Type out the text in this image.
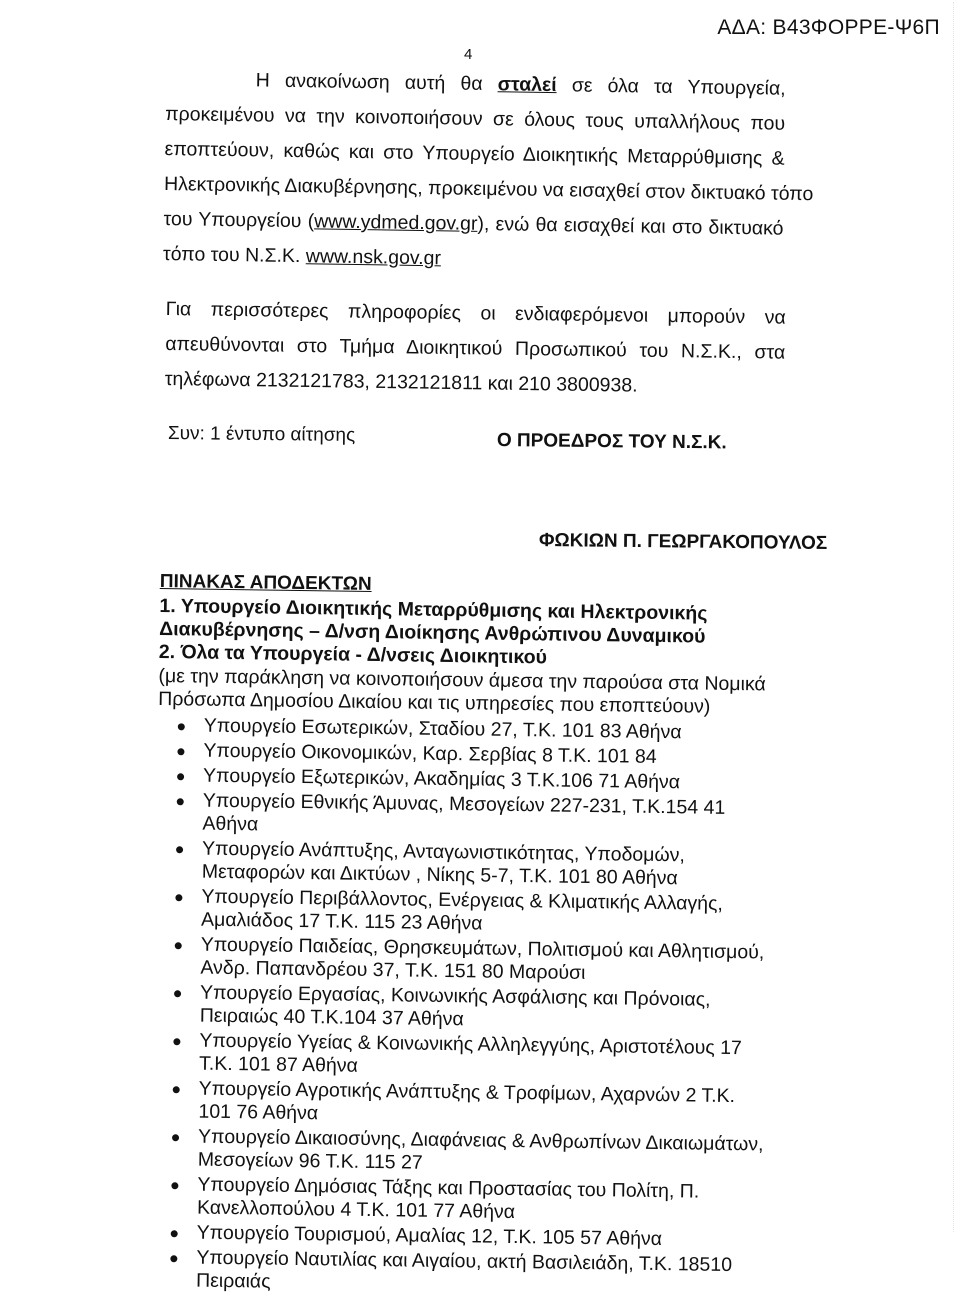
ΑΔΑ: Β43ΦΟΡΡΕ-Ψ6Π
4
Η ανακοίνωση αυτή θα σταλεί σε όλα τα Υπουργεία,
προκειμένου να την κοινοποιήσουν σε όλους τους υπαλλήλους που
εποπτεύουν, καθώς και στο Υπουργείο Διοικητικής Μεταρρύθμισης &
Ηλεκτρονικής Διακυβέρνησης, προκειμένου να εισαχθεί στον δικτυακό τόπο
του Υπουργείου (www.ydmed.gov.gr), ενώ θα εισαχθεί και στο δικτυακό
τόπο του Ν.Σ.Κ. www.nsk.gov.gr
Για περισσότερες πληροφορίες οι ενδιαφερόμενοι μπορούν να
απευθύνονται στο Τμήμα Διοικητικού Προσωπικού του Ν.Σ.Κ., στα
τηλέφωνα 2132121783, 2132121811 και 210 3800938.
Συν: 1 έντυπο αίτησης	Ο ΠΡΟΕΔΡΟΣ ΤΟΥ Ν.Σ.Κ.
ΦΩΚΙΩΝ Π. ΓΕΩΡΓΑΚΟΠΟΥΛΟΣ
ΠΙΝΑΚΑΣ ΑΠΟΔΕΚΤΩΝ
1. Υπουργείο Διοικητικής Μεταρρύθμισης και Ηλεκτρονικής
Διακυβέρνησης – Δ/νση Διοίκησης Ανθρώπινου Δυναμικού
2. Όλα τα Υπουργεία - Δ/νσεις Διοικητικού
(με την παράκληση να κοινοποιήσουν άμεσα την παρούσα στα Νομικά
Πρόσωπα Δημοσίου Δικαίου και τις υπηρεσίες που εποπτεύουν)
Υπουργείο Εσωτερικών, Σταδίου 27, Τ.Κ. 101 83 Αθήνα
Υπουργείο Οικονομικών, Καρ. Σερβίας 8 Τ.Κ. 101 84
Υπουργείο Εξωτερικών, Ακαδημίας 3 Τ.Κ.106 71 Αθήνα
Υπουργείο Εθνικής Άμυνας, Μεσογείων 227-231, Τ.Κ.154 41 Αθήνα
Υπουργείο Ανάπτυξης, Ανταγωνιστικότητας, Υποδομών, Μεταφορών και Δικτύων , Νίκης 5-7, Τ.Κ. 101 80 Αθήνα
Υπουργείο Περιβάλλοντος, Ενέργειας & Κλιματικής Αλλαγής, Αμαλιάδος 17 Τ.Κ. 115 23 Αθήνα
Υπουργείο Παιδείας, Θρησκευμάτων, Πολιτισμού και Αθλητισμού, Ανδρ. Παπανδρέου 37, Τ.Κ. 151 80 Μαρούσι
Υπουργείο Εργασίας, Κοινωνικής Ασφάλισης και Πρόνοιας, Πειραιώς 40 Τ.Κ.104 37 Αθήνα
Υπουργείο Υγείας & Κοινωνικής Αλληλεγγύης, Αριστοτέλους 17 Τ.Κ. 101 87 Αθήνα
Υπουργείο Αγροτικής Ανάπτυξης & Τροφίμων, Αχαρνών 2 Τ.Κ. 101 76 Αθήνα
Υπουργείο Δικαιοσύνης, Διαφάνειας & Ανθρωπίνων Δικαιωμάτων, Μεσογείων 96 Τ.Κ. 115 27
Υπουργείο Δημόσιας Τάξης και Προστασίας του Πολίτη, Π. Κανελλοπούλου 4 Τ.Κ. 101 77 Αθήνα
Υπουργείο Τουρισμού, Αμαλίας 12, Τ.Κ. 105 57 Αθήνα
Υπουργείο Ναυτιλίας και Αιγαίου, ακτή Βασιλειάδη, Τ.Κ. 18510 Πειραιάς
